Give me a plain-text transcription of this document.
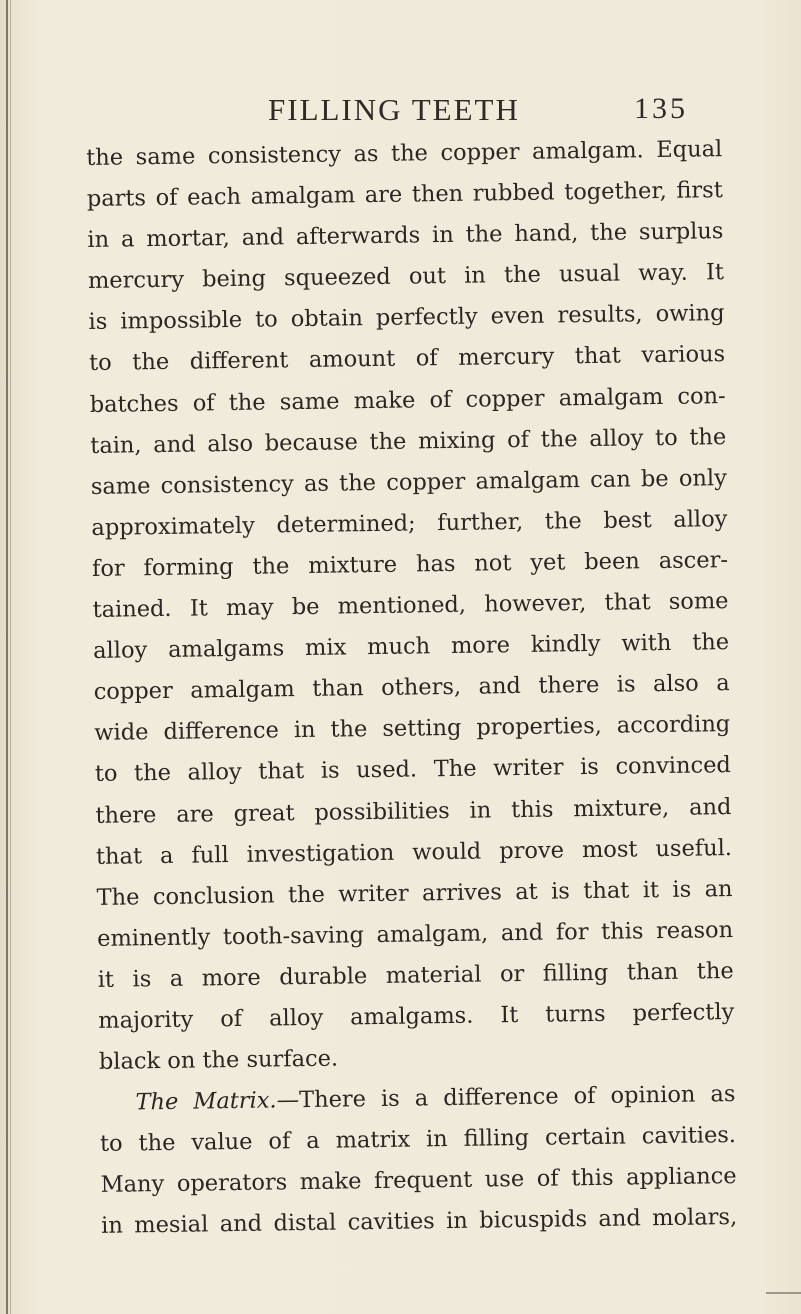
FILLING TEETH	135
the same consistency as the copper amalgam. Equal
parts of each amalgam are then rubbed together, first
in a mortar, and afterwards in the hand, the surplus
mercury being squeezed out in the usual way. It
is impossible to obtain perfectly even results, owing
to the different amount of mercury that various
batches of the same make of copper amalgam con-
tain, and also because the mixing of the alloy to the
same consistency as the copper amalgam can be only
approximately determined; further, the best alloy
for forming the mixture has not yet been ascer-
tained. It may be mentioned, however, that some
alloy amalgams mix much more kindly with the
copper amalgam than others, and there is also a
wide difference in the setting properties, according
to the alloy that is used. The writer is convinced
there are great possibilities in this mixture, and
that a full investigation would prove most useful.
The conclusion the writer arrives at is that it is an
eminently tooth-saving amalgam, and for this reason
it is a more durable material or filling than the
majority of alloy amalgams. It turns perfectly
black on the surface.
The Matrix.—There is a difference of opinion as
to the value of a matrix in filling certain cavities.
Many operators make frequent use of this appliance
in mesial and distal cavities in bicuspids and molars,
